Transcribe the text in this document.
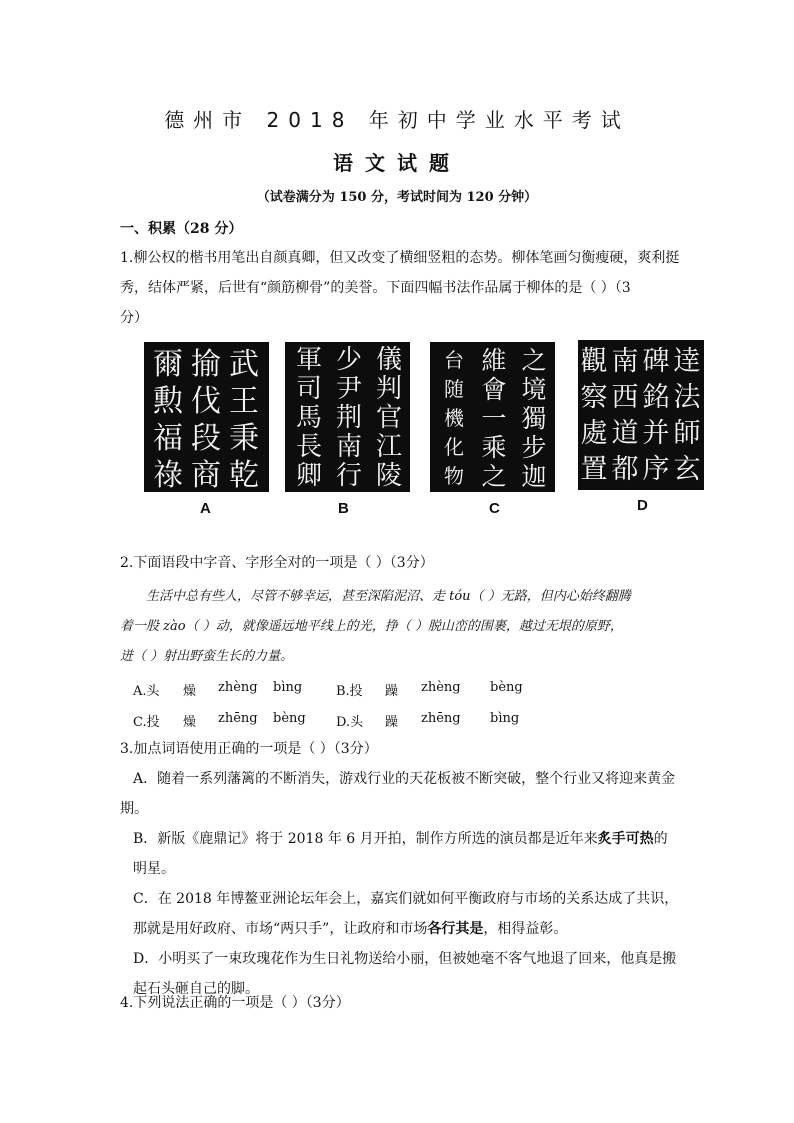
德州市 2018 年初中学业水平考试
语文试题
（试卷满分为 150 分，考试时间为 120 分钟）
一、积累（28 分）
1.柳公权的楷书用笔出自颜真卿，但又改变了横细竖粗的态势。柳体笔画匀衡瘦硬，爽利挺
秀，结体严紧，后世有“颜筋柳骨”的美誉。下面四幅书法作品属于柳体的是（ ）（3
分）
武
王
秉
乾
揄
伐
段
商
爾
勲
福
祿
A
儀
判
官
江
陵
少
尹
荆
南
行
軍
司
馬
長
卿
B
之
境
獨
步
迦
維
會
一
乘
之
台
随
機
化
物
C
逹
法
師
玄
碑
銘
并
序
南
西
道
都
觀
察
處
置
D
2.下面语段中字音、字形全对的一项是（ ）（3分）

生活中总有些人，尽管不够幸运，甚至深陷泥沼、走 tóu（ ）无路，但内心始终翻腾

着一股 zào（ ）动，就像遥远地平线上的光，挣（ ）脱山峦的围裹，越过无垠的原野，

迸（ ）射出野蛮生长的力量。

A.头 燥 zhèng bìng	B.投 躁 zhèng bèng
C.投 燥 zhēng bèng D.头 躁 zhēng bìng
3.加点词语使用正确的一项是（ ）（3分）
A．随着一系列藩篱的不断消失，游戏行业的天花板被不断突破，整个行业又将迎来黄金
期。
B．新版《鹿鼎记》将于 2018 年 6 月开拍，制作方所选的演员都是近年来炙手可热的明星。
C．在 2018 年博鳌亚洲论坛年会上，嘉宾们就如何平衡政府与市场的关系达成了共识，
那就是用好政府、市场“两只手”，让政府和市场各行其是，相得益彰。
D．小明买了一束玫瑰花作为生日礼物送给小丽，但被她毫不客气地退了回来，他真是搬
起石头砸自己的脚。
4.下列说法正确的一项是（ ）（3分）
